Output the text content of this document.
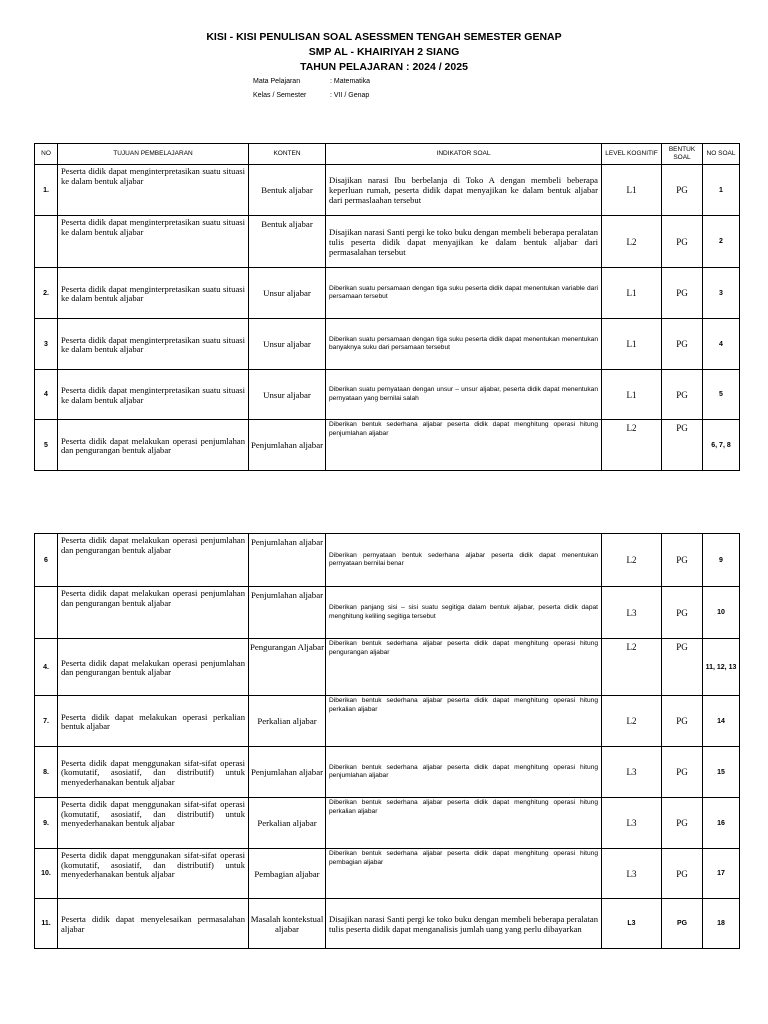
KISI - KISI PENULISAN SOAL ASESSMEN TENGAH SEMESTER GENAP
SMP AL - KHAIRIYAH 2 SIANG
TAHUN PELAJARAN : 2024 / 2025
Mata Pelajaran	: Matematika
Kelas / Semester	: VII / Genap
NO	TUJUAN PEMBELAJARAN	KONTEN	INDIKATOR SOAL	LEVEL KOGNITIF	BENTUK SOAL	NO SOAL
1.	Peserta didik dapat menginterpretasikan suatu situasi ke dalam bentuk aljabar	Bentuk aljabar	Disajikan narasi Ibu berbelanja di Toko A dengan membeli beberapa keperluan rumah, peserta didik dapat menyajikan ke dalam bentuk aljabar dari permaslaahan tersebut	L1	PG	1
	Peserta didik dapat menginterpretasikan suatu situasi ke dalam bentuk aljabar	Bentuk aljabar	Disajikan narasi Santi pergi ke toko buku dengan membeli beberapa peralatan tulis peserta didik dapat menyajikan ke dalam bentuk aljabar dari permasalahan tersebut	L2	PG	2
2.	Peserta didik dapat menginterpretasikan suatu situasi ke dalam bentuk aljabar	Unsur aljabar	Diberikan suatu persamaan dengan tiga suku peserta didik dapat menentukan variable dari persamaan tersebut	L1	PG	3
3	Peserta didik dapat menginterpretasikan suatu situasi ke dalam bentuk aljabar	Unsur aljabar	Diberikan suatu persamaan dengan tiga suku peserta didik dapat menentukan menentukan banyaknya suku dari persamaan tersebut	L1	PG	4
4	Peserta didik dapat menginterpretasikan suatu situasi ke dalam bentuk aljabar	Unsur aljabar	Diberikan suatu pernyataan dengan unsur – unsur aljabar, peserta didik dapat menentukan pernyataan yang bernilai salah	L1	PG	5
5	Peserta didik dapat melakukan operasi penjumlahan dan pengurangan bentuk aljabar	Penjumlahan aljabar	Diberikan bentuk sederhana aljabar peserta didik dapat menghitung operasi hitung penjumlahan aljabar	L2	PG	6, 7, 8
6	Peserta didik dapat melakukan operasi penjumlahan dan pengurangan bentuk aljabar	Penjumlahan aljabar	Diberikan pernyataan bentuk sederhana aljabar peserta didik dapat menentukan pernyataan bernilai benar	L2	PG	9
	Peserta didik dapat melakukan operasi penjumlahan dan pengurangan bentuk aljabar	Penjumlahan aljabar	Diberikan panjang sisi – sisi suatu segitiga dalam bentuk aljabar, peserta didik dapat menghitung keliling segitiga tersebut	L3	PG	10
4.	Peserta didik dapat melakukan operasi penjumlahan dan pengurangan bentuk aljabar	Pengurangan Aljabar	Diberikan bentuk sederhana aljabar peserta didik dapat menghitung operasi hitung pengurangan aljabar	L2	PG	11, 12, 13
7.	Peserta didik dapat melakukan operasi perkalian bentuk aljabar	Perkalian aljabar	Diberikan bentuk sederhana aljabar peserta didik dapat menghitung operasi hitung perkalian aljabar	L2	PG	14
8.	Peserta didik dapat menggunakan sifat-sifat operasi (komutatif, asosiatif, dan distributif) untuk menyederhanakan bentuk aljabar	Penjumlahan aljabar	Diberikan bentuk sederhana aljabar peserta didik dapat menghitung operasi hitung penjumlahan aljabar	L3	PG	15
9.	Peserta didik dapat menggunakan sifat-sifat operasi (komutatif, asosiatif, dan distributif) untuk menyederhanakan bentuk aljabar	Perkalian aljabar	Diberikan bentuk sederhana aljabar peserta didik dapat menghitung operasi hitung perkalian aljabar	L3	PG	16
10.	Peserta didik dapat menggunakan sifat-sifat operasi (komutatif, asosiatif, dan distributif) untuk menyederhanakan bentuk aljabar	Pembagian aljabar	Diberikan bentuk sederhana aljabar peserta didik dapat menghitung operasi hitung pembagian aljabar	L3	PG	17
11.	Peserta didik dapat menyelesaikan permasalahan aljabar	Masalah kontekstual aljabar	Disajikan narasi Santi pergi ke toko buku dengan membeli beberapa peralatan tulis peserta didik dapat menganalisis jumlah uang yang perlu dibayarkan	L3	PG	18
